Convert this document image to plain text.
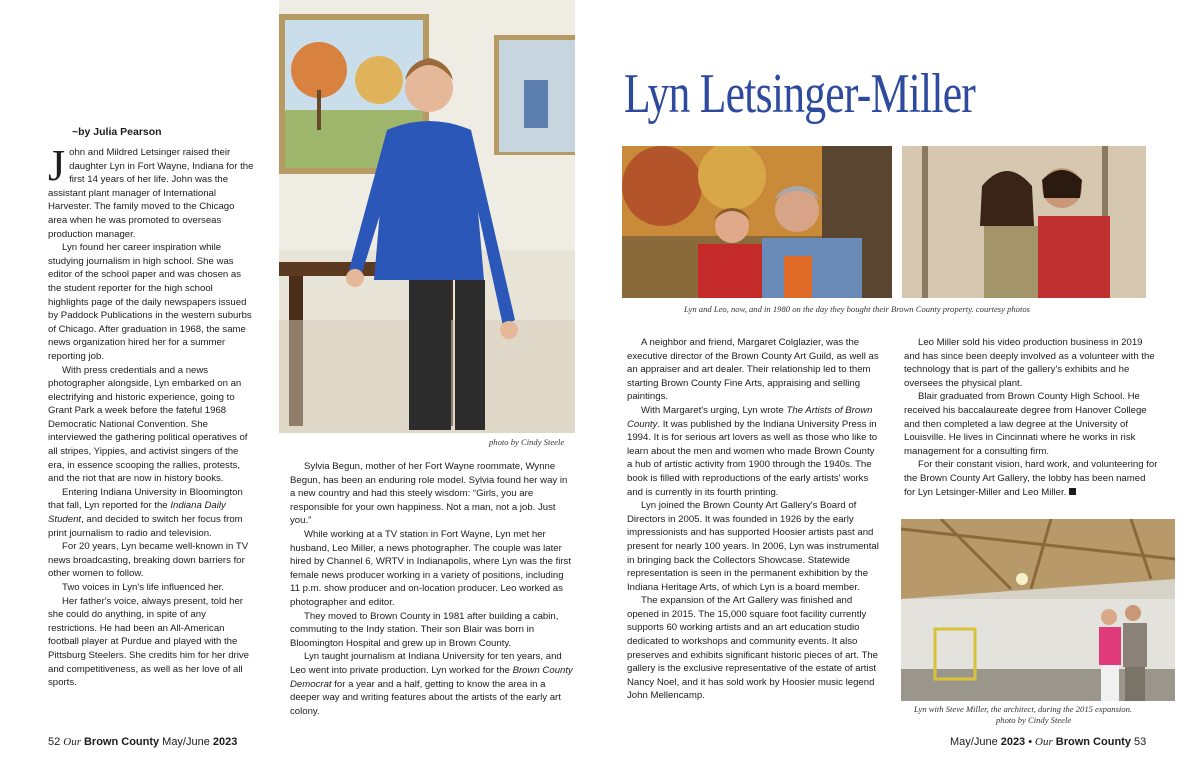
~by Julia Pearson
J ohn and Mildred Letsinger raised their daughter Lyn in Fort Wayne, Indiana for the first 14 years of her life. John was the assistant plant manager of International Harvester. The family moved to the Chicago area when he was promoted to overseas production manager.

Lyn found her career inspiration while studying journalism in high school. She was editor of the school paper and was chosen as the student reporter for the high school highlights page of the daily newspapers issued by Paddock Publications in the western suburbs of Chicago. After graduation in 1968, the same news organization hired her for a summer reporting job.

With press credentials and a news photographer alongside, Lyn embarked on an electrifying and historic experience, going to Grant Park a week before the fateful 1968 Democratic National Convention. She interviewed the gathering political operatives of all stripes, Yippies, and activist singers of the era, in essence scooping the rallies, protests, and the riot that are now in history books.

Entering Indiana University in Bloomington that fall, Lyn reported for the Indiana Daily Student, and decided to switch her focus from print journalism to radio and television.

For 20 years, Lyn became well-known in TV news broadcasting, breaking down barriers for other women to follow.

Two voices in Lyn's life influenced her.

Her father's voice, always present, told her she could do anything, in spite of any restrictions. He had been an All-American football player at Purdue and played with the Pittsburg Steelers. She credits him for her drive and competitiveness, as well as her love of all sports.

photo by Cindy Steele

Sylvia Begun, mother of her Fort Wayne roommate, Wynne Begun, has been an enduring role model. Sylvia found her way in a new country and had this steely wisdom: “Girls, you are responsible for your own happiness. Not a man, not a job. Just you.”

While working at a TV station in Fort Wayne, Lyn met her husband, Leo Miller, a news photographer. The couple was later hired by Channel 6, WRTV in Indianapolis, where Lyn was the first female news producer working in a variety of positions, including 11 p.m. show producer and on-location producer. Leo worked as photographer and editor.

They moved to Brown County in 1981 after building a cabin, commuting to the Indy station. Their son Blair was born in Bloomington Hospital and grew up in Brown County.

Lyn taught journalism at Indiana University for ten years, and Leo went into private production. Lyn worked for the Brown County Democrat for a year and a half, getting to know the area in a deeper way and writing features about the artists of the early art colony.

52 Our Brown County May/June 2023
Lyn Letsinger-Miller
Lyn and Leo, now, and in 1980 on the day they bought their Brown County property. courtesy photos

A neighbor and friend, Margaret Colglazier, was the executive director of the Brown County Art Guild, as well as an appraiser and art dealer. Their relationship led to them starting Brown County Fine Arts, appraising and selling paintings.

With Margaret's urging, Lyn wrote The Artists of Brown County. It was published by the Indiana University Press in 1994. It is for serious art lovers as well as those who like to learn about the men and women who made Brown County a hub of artistic activity from 1900 through the 1940s. The book is filled with reproductions of the early artists' works and is currently in its fourth printing.

Lyn joined the Brown County Art Gallery's Board of Directors in 2005. It was founded in 1926 by the early impressionists and has supported Hoosier artists past and present for nearly 100 years. In 2006, Lyn was instrumental in bringing back the Collectors Showcase. Statewide representation is seen in the permanent exhibition by the Indiana Heritage Arts, of which Lyn is a board member.

The expansion of the Art Gallery was finished and opened in 2015. The 15,000 square foot facility currently supports 60 working artists and an art education studio dedicated to workshops and community events. It also preserves and exhibits significant historic pieces of art. The gallery is the exclusive representative of the estate of artist Nancy Noel, and it has sold work by Hoosier music legend John Mellencamp.

Leo Miller sold his video production business in 2019 and has since been deeply involved as a volunteer with the technology that is part of the gallery's exhibits and he oversees the physical plant.

Blair graduated from Brown County High School. He received his baccalaureate degree from Hanover College and then completed a law degree at the University of Louisville. He lives in Cincinnati where he works in risk management for a consulting firm.

For their constant vision, hard work, and volunteering for the Brown County Art Gallery, the lobby has been named for Lyn Letsinger-Miller and Leo Miller.

Lyn with Steve Miller, the architect, during the 2015 expansion.
photo by Cindy Steele
May/June 2023 • Our Brown County 53
